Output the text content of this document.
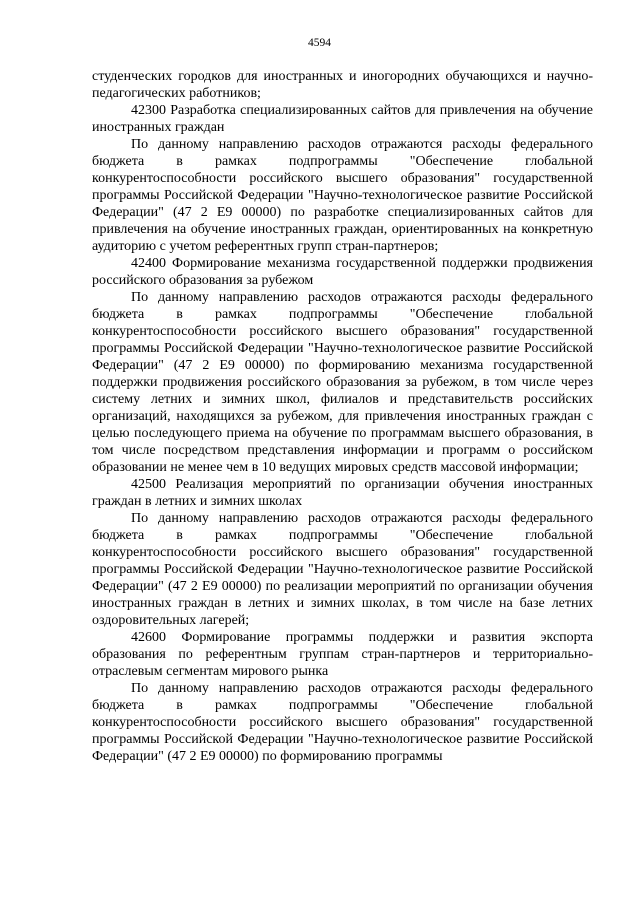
4594

студенческих городков для иностранных и иногородних обучающихся и научно-педагогических работников;

42300 Разработка специализированных сайтов для привлечения на обучение иностранных граждан

По данному направлению расходов отражаются расходы федерального бюджета в рамках подпрограммы "Обеспечение глобальной конкурентоспособности российского высшего образования" государственной программы Российской Федерации "Научно-технологическое развитие Российской Федерации" (47 2 E9 00000) по разработке специализированных сайтов для привлечения на обучение иностранных граждан, ориентированных на конкретную аудиторию с учетом референтных групп стран-партнеров;

42400 Формирование механизма государственной поддержки продвижения российского образования за рубежом

По данному направлению расходов отражаются расходы федерального бюджета в рамках подпрограммы "Обеспечение глобальной конкурентоспособности российского высшего образования" государственной программы Российской Федерации "Научно-технологическое развитие Российской Федерации" (47 2 E9 00000) по формированию механизма государственной поддержки продвижения российского образования за рубежом, в том числе через систему летних и зимних школ, филиалов и представительств российских организаций, находящихся за рубежом, для привлечения иностранных граждан с целью последующего приема на обучение по программам высшего образования, в том числе посредством представления информации и программ о российском образовании не менее чем в 10 ведущих мировых средств массовой информации;

42500 Реализация мероприятий по организации обучения иностранных граждан в летних и зимних школах

По данному направлению расходов отражаются расходы федерального бюджета в рамках подпрограммы "Обеспечение глобальной конкурентоспособности российского высшего образования" государственной программы Российской Федерации "Научно-технологическое развитие Российской Федерации" (47 2 E9 00000) по реализации мероприятий по организации обучения иностранных граждан в летних и зимних школах, в том числе на базе летних оздоровительных лагерей;

42600 Формирование программы поддержки и развития экспорта образования по референтным группам стран-партнеров и территориально-отраслевым сегментам мирового рынка

По данному направлению расходов отражаются расходы федерального бюджета в рамках подпрограммы "Обеспечение глобальной конкурентоспособности российского высшего образования" государственной программы Российской Федерации "Научно-технологическое развитие Российской Федерации" (47 2 E9 00000) по формированию программы
